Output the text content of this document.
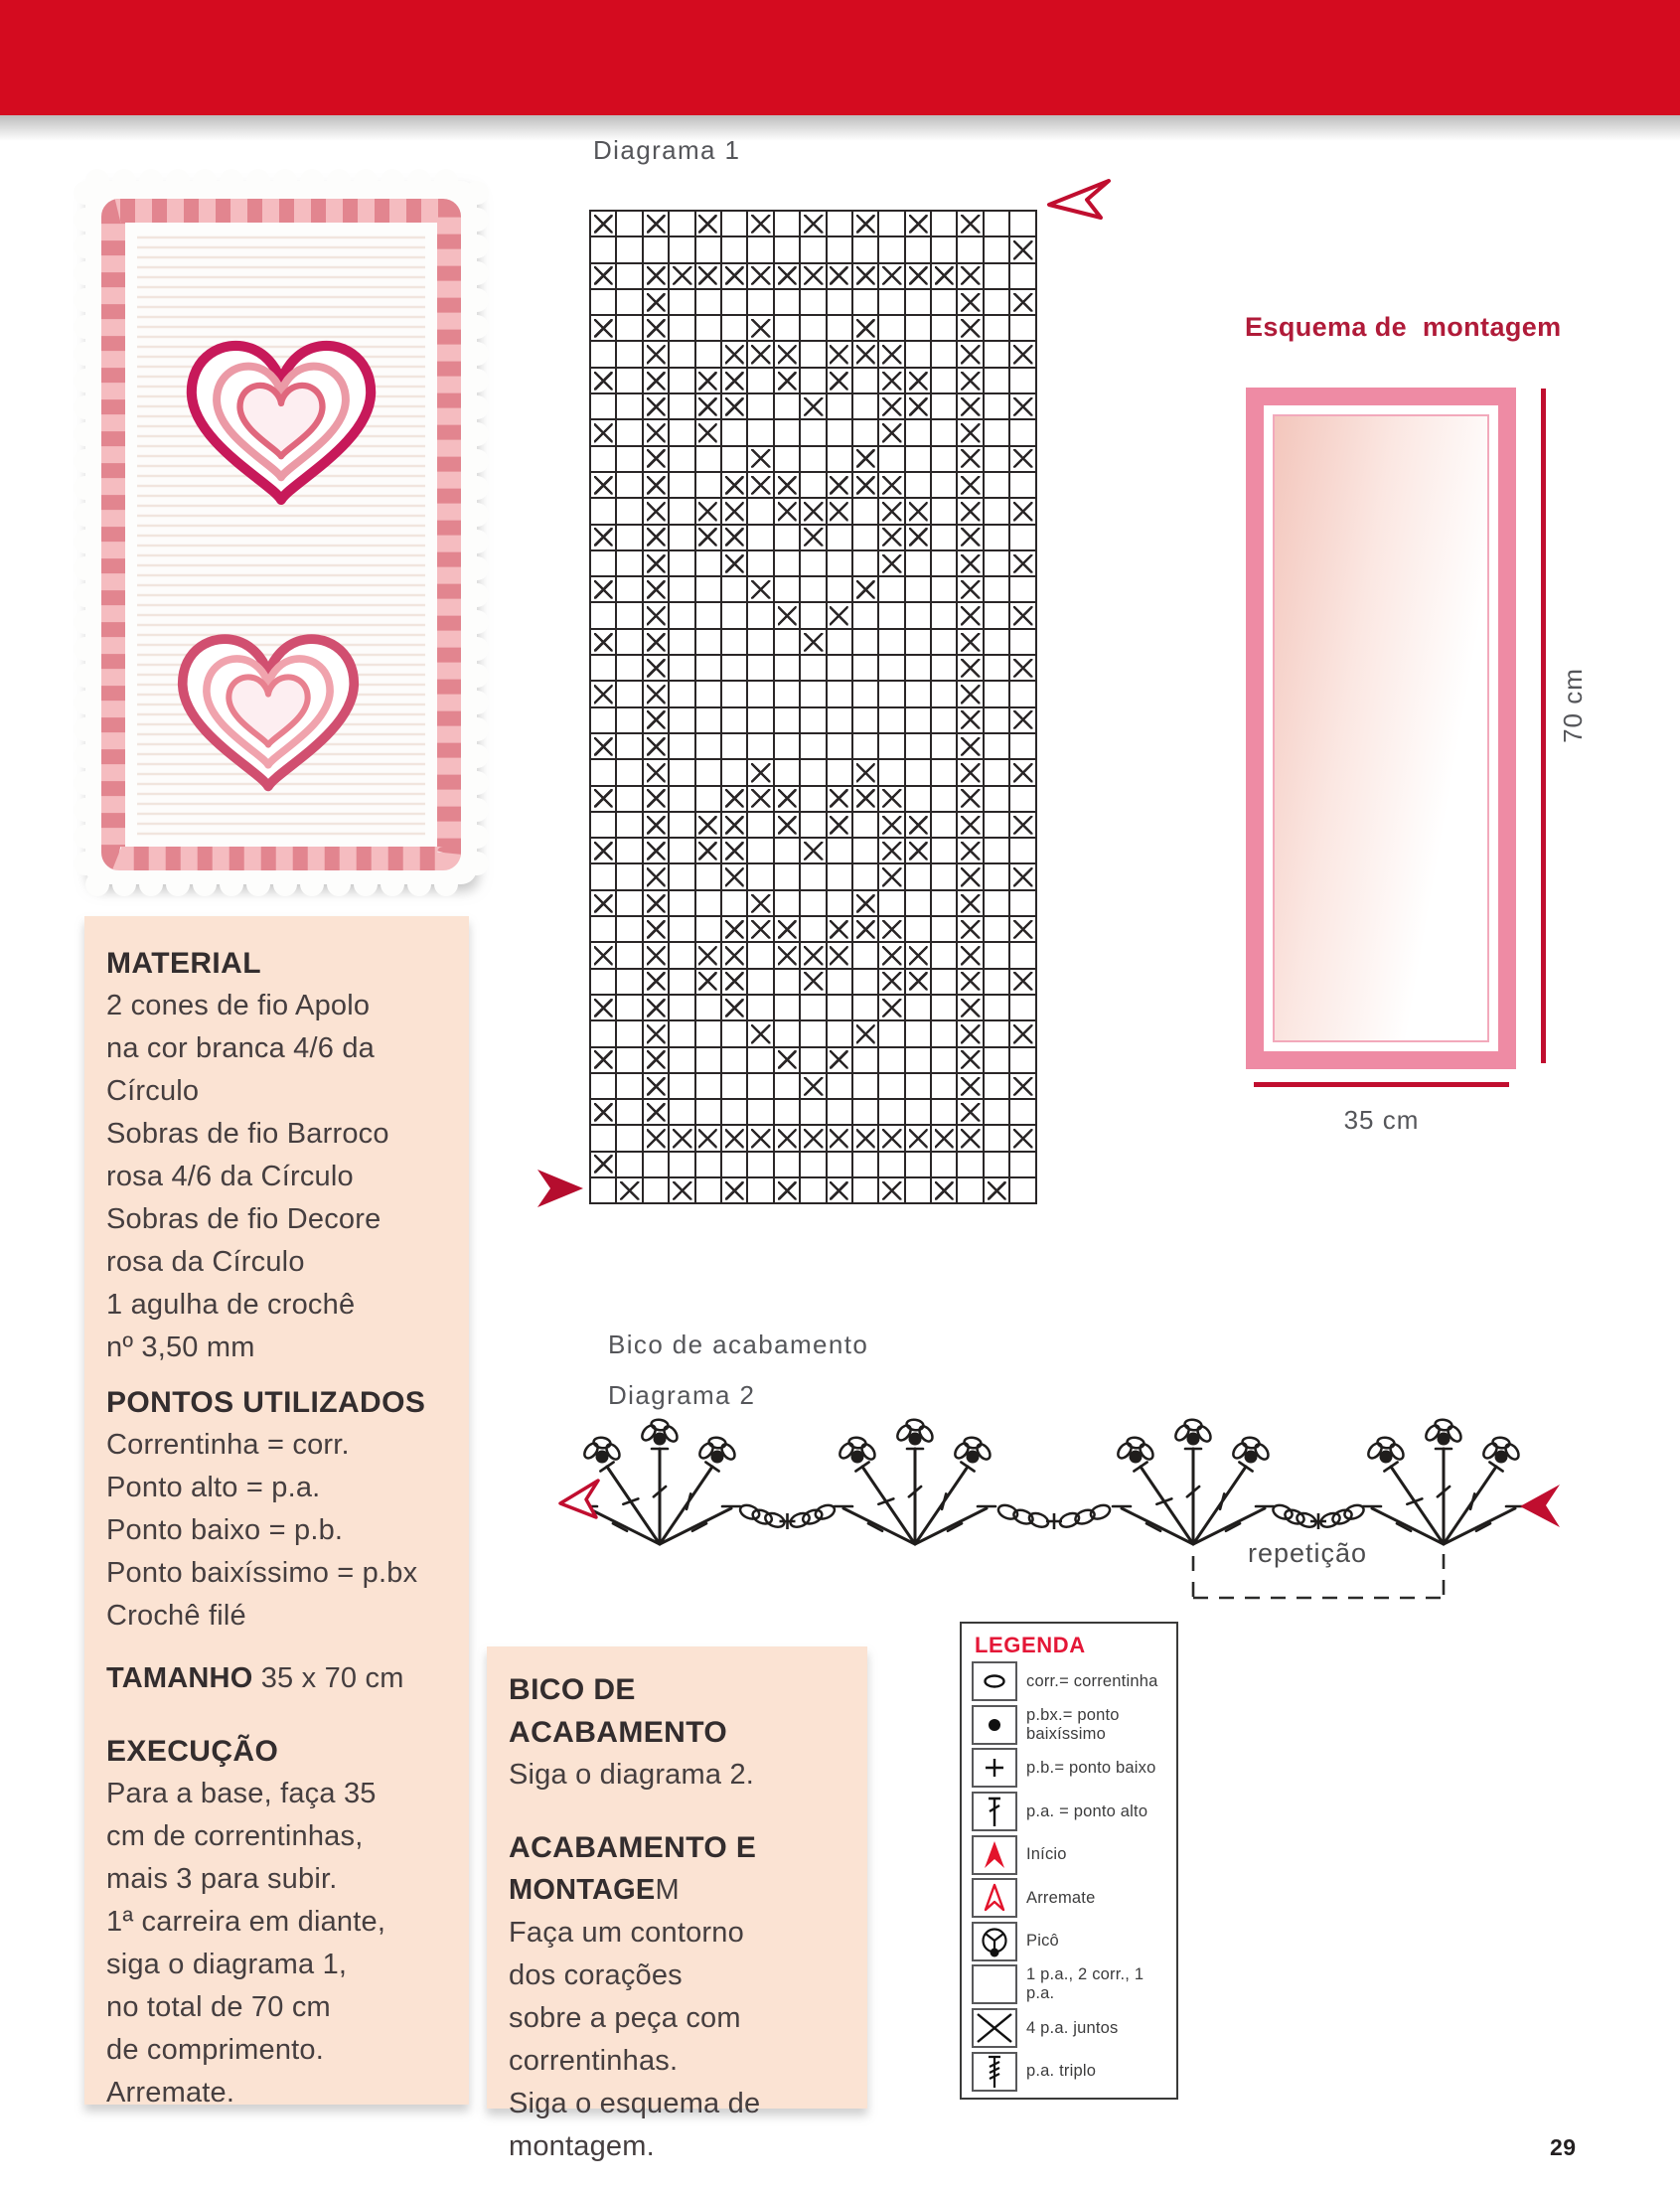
Diagrama 1
Esquema de  montagem
70 cm
35 cm
MATERIAL
2 cones de fio Apolo
na cor branca 4/6 da
Círculo
Sobras de fio Barroco
rosa 4/6 da Círculo
Sobras de fio Decore
rosa da Círculo
1 agulha de crochê
nº 3,50 mm
PONTOS UTILIZADOS
Correntinha = corr.
Ponto alto = p.a.
Ponto baixo = p.b.
Ponto baixíssimo = p.bx
Crochê filé
TAMANHO 35 x 70 cm
EXECUÇÃO
Para a base, faça 35
cm de correntinhas,
mais 3 para subir.
1ª carreira em diante,
siga o diagrama 1,
no total de 70 cm
de comprimento.
Arremate.
BICO DE ACABAMENTO
Siga o diagrama 2.
ACABAMENTO E
MONTAGEM
Faça um contorno
dos corações
sobre a peça com
correntinhas.
Siga o esquema de
montagem.
Bico de acabamento
Diagrama 2
repetição
LEGENDA
corr.= correntinha
p.bx.= ponto baixíssimo
p.b.= ponto baixo
p.a. = ponto alto
Início
Arremate
Picô
1 p.a., 2 corr., 1 p.a.
4 p.a. juntos
p.a. triplo
29
